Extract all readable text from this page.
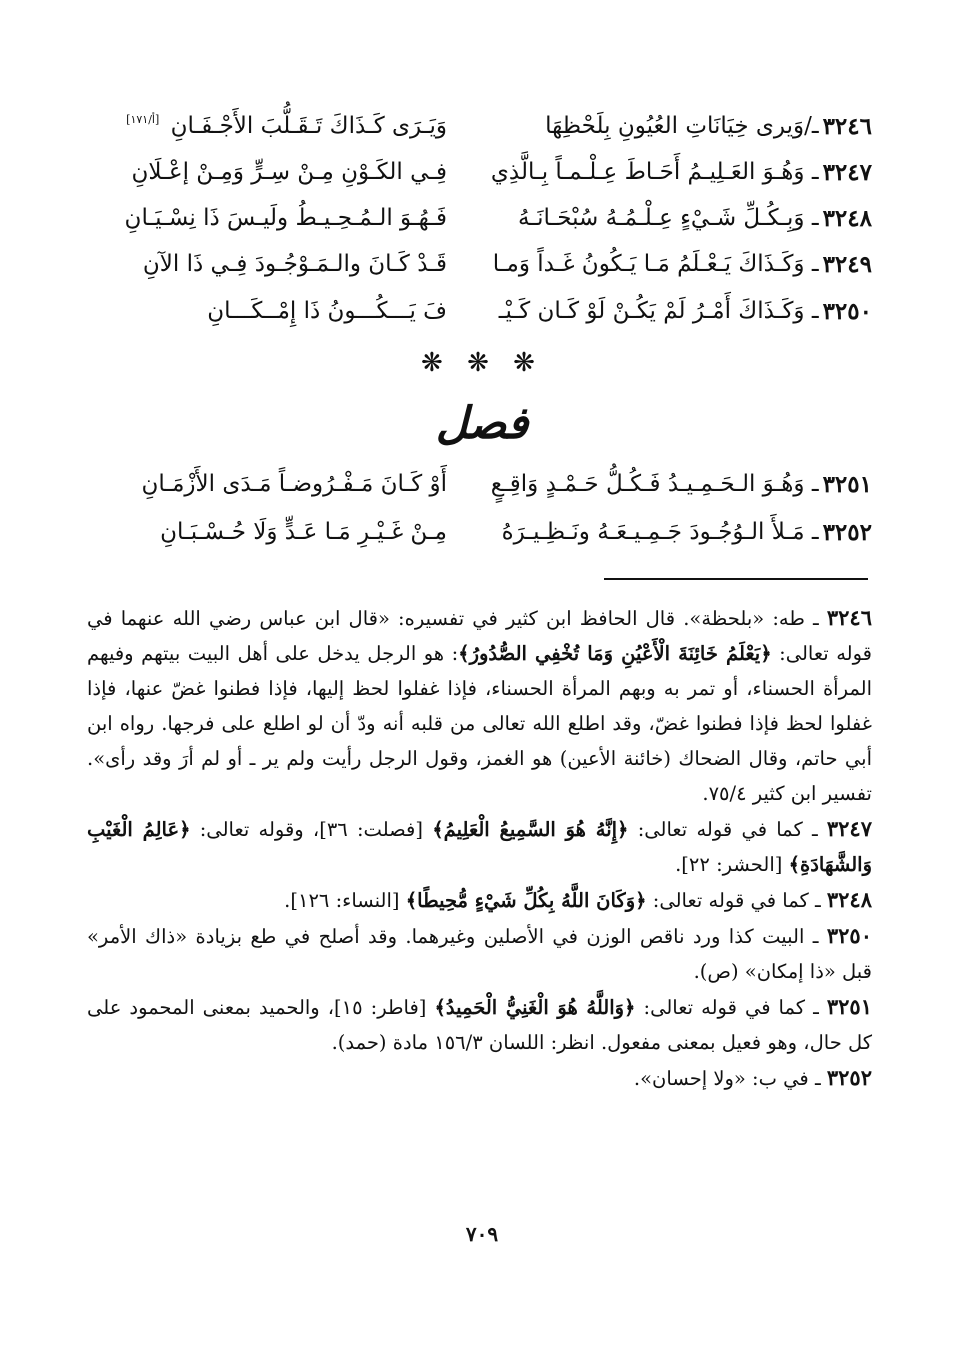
٣٢٤٦
ـ/وَيرى خِيَانَاتِ العُيُونِ بِلَحْظِهَا
وَيَـرَى كَـذَاكَ تَـقَـلُّبَ الأَجْـفَـانِ [أ/١٧١]
٣٢٤٧
ـ وَهُـوَ العَـلِيـمُ أَحَـاطَ عِـلْـمـاً بِـالَّذِي
فِـي الكَـوْنِ مِـنْ سِـرٍّ وَمِـنْ إعْـلَانِ
٣٢٤٨
ـ وَبِـكُـلِّ شَـيْءٍ عِـلْـمُـهُ سُبْحَـانَـهُ
فَـهُـوَ الـمُـحِـيـطُ ولَيـسَ ذَا نِسْـيَـانِ
٣٢٤٩
ـ وَكَـذَاكَ يَـعْـلَمُ مَـا يَـكُونُ غَـداً وَمـا
قَـدْ كَـانَ والـمَـوْجُـودَ فِـي ذَا الآنِ
٣٢٥٠
ـ وَكَـذَاكَ أَمْـرُ لَمْ يَكُـنْ لَوْ كَـان كَـيْـ
فَ يَـــكُـــونُ ذَا إِمْــكَـــانِ
❋ ❋ ❋
فصل
٣٢٥١
ـ وَهُـوَ الـحَـمِـيـدُ فَـكُـلُّ حَـمْـدٍ وَاقِـعٍ
أَوْ كَـانَ مَـفْـرُوضـاً مَـدَى الأَزْمَـانِ
٣٢٥٢
ـ مَـلأَ الـوُجُـودَ جَـمِـيـعَـهُ ونَـظِـيـرَهُ
مِـنْ غَـيْـرِ مَـا عَـدٍّ وَلَا حُـسْـبَـانِ
٣٢٤٦ ـ طه: «بلحظة». قال الحافظ ابن كثير في تفسيره: «قال ابن عباس رضي الله عنهما في قوله تعالى: ﴿يَعْلَمُ خَائِنَةَ الْأَعْيُنِ وَمَا تُخْفِي الصُّدُورُ﴾: هو الرجل يدخل على أهل البيت بيتهم وفيهم المرأة الحسناء، أو تمر به وبهم المرأة الحسناء، فإذا غفلوا لحظ إليها، فإذا فطنوا غضّ عنها، فإذا غفلوا لحظ فإذا فطنوا غضّ، وقد اطلع الله تعالى من قلبه أنه ودّ أن لو اطلع على فرجها. رواه ابن أبي حاتم، وقال الضحاك (خائنة الأعين) هو الغمز، وقول الرجل رأيت ولم ير ـ أو لم أرَ وقد رأى». تفسير ابن كثير ٧٥/٤.
٣٢٤٧ ـ كما في قوله تعالى: ﴿إِنَّهُ هُوَ السَّمِيعُ الْعَلِيمُ﴾ [فصلت: ٣٦]، وقوله تعالى: ﴿عَالِمُ الْغَيْبِ وَالشَّهَادَةِ﴾ [الحشر: ٢٢].
٣٢٤٨ ـ كما في قوله تعالى: ﴿وَكَانَ اللَّهُ بِكُلِّ شَيْءٍ مُّحِيطًا﴾ [النساء: ١٢٦].
٣٢٥٠ ـ البيت كذا ورد ناقص الوزن في الأصلين وغيرهما. وقد أصلح في طع بزيادة «ذاك الأمر» قبل «ذا إمكان» (ص).
٣٢٥١ ـ كما في قوله تعالى: ﴿وَاللَّهُ هُوَ الْغَنِيُّ الْحَمِيدُ﴾ [فاطر: ١٥]، والحميد بمعنى المحمود على كل حال، وهو فعيل بمعنى مفعول. انظر: اللسان ١٥٦/٣ مادة (حمد).
٣٢٥٢ ـ في ب: «ولا إحسان».
٧٠٩
